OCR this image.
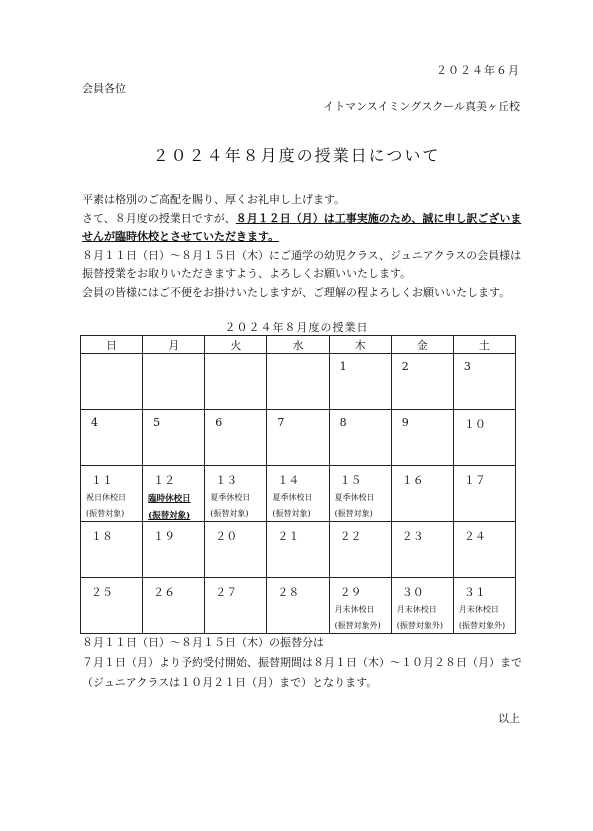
２０２４年６月
会員各位
イトマンスイミングスクール真美ヶ丘校
２０２４年８月度の授業日について
平素は格別のご高配を賜り、厚くお礼申し上げます。
さて、８月度の授業日ですが、８月１２日（月）は工事実施のため、誠に申し訳ございま
せんが臨時休校とさせていただきます。
８月１１日（日）～８月１５日（木）にご通学の幼児クラス、ジュニアクラスの会員様は
振替授業をお取りいただきますよう、よろしくお願いいたします。
会員の皆様にはご不便をお掛けいたしますが、ご理解の程よろしくお願いいたします。
２０２４年８月度の授業日
日	月	火	水	木	金	土

				1	2	3

4	5	6	7	8	9	１０

１１
祝日休校日
(振替対象)	１２
臨時休校日
(振替対象)	１３
夏季休校日
(振替対象)	１４
夏季休校日
(振替対象)	１５
夏季休校日
(振替対象)	１６	１７

１８	１９	２０	２１	２２	２３	２４

２５	２６	２７	２８	２９
月末休校日
(振替対象外)	３０
月末休校日
(振替対象外)	３１
月末休校日
(振替対象外)
８月１１日（日）～８月１５日（木）の振替分は
７月１日（月）より予約受付開始、振替期間は８月１日（木）～１０月２８日（月）まで
（ジュニアクラスは１０月２１日（月）まで）となります。
以上
